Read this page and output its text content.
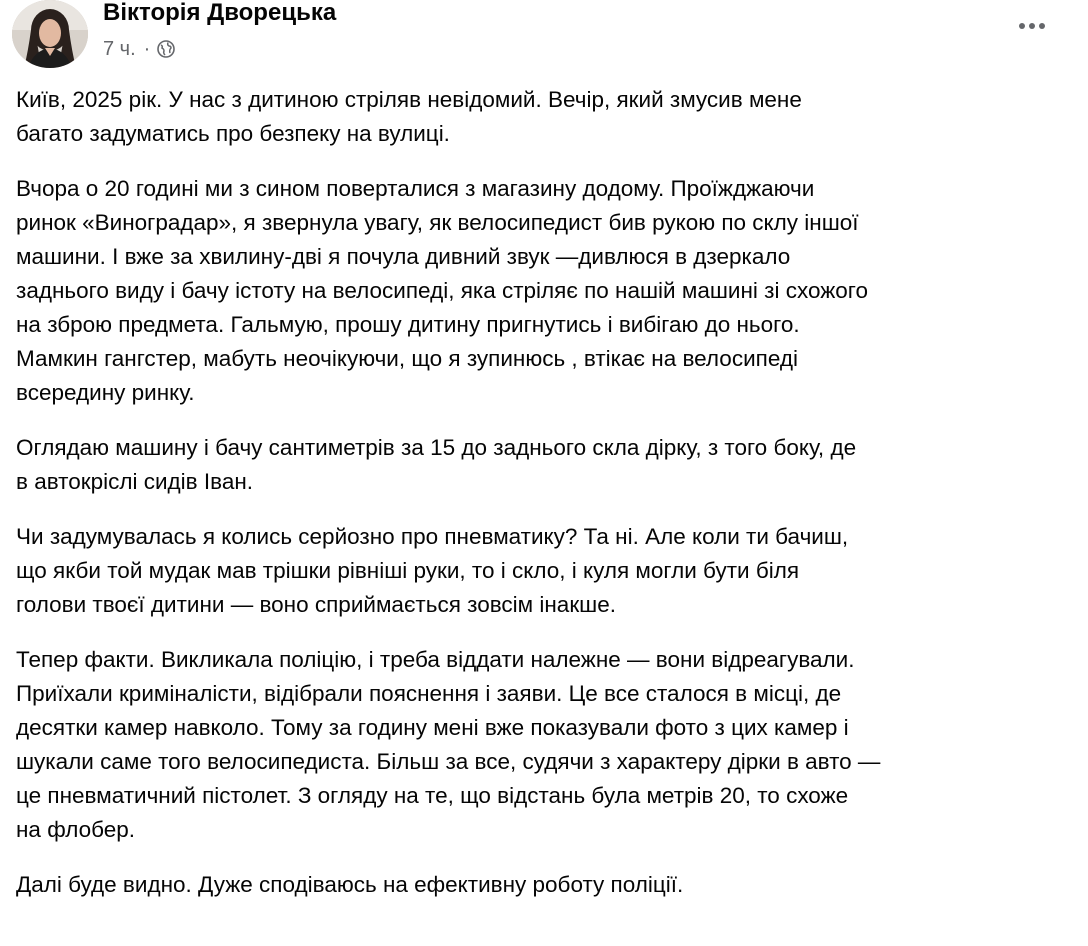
Вікторія Дворецька
7 ч. ·

Київ, 2025 рік. У нас з дитиною стріляв невідомий. Вечір, який змусив мене
багато задуматись про безпеку на вулиці.

Вчора о 20 годині ми з сином поверталися з магазину додому. Проїжджаючи
ринок «Виноградар», я звернула увагу, як велосипедист бив рукою по склу іншої
машини. І вже за хвилину-дві я почула дивний звук —дивлюся в дзеркало
заднього виду і бачу істоту на велосипеді, яка стріляє по нашій машині зі схожого
на зброю предмета. Гальмую, прошу дитину пригнутись і вибігаю до нього.
Мамкин гангстер, мабуть неочікуючи, що я зупинюсь , втікає на велосипеді
всередину ринку.

Оглядаю машину і бачу сантиметрів за 15 до заднього скла дірку, з того боку, де
в автокріслі сидів Іван.

Чи задумувалась я колись серйозно про пневматику? Та ні. Але коли ти бачиш,
що якби той мудак мав трішки рівніші руки, то і скло, і куля могли бути біля
голови твоєї дитини — воно сприймається зовсім інакше.

Тепер факти. Викликала поліцію, і треба віддати належне — вони відреагували.
Приїхали криміналісти, відібрали пояснення і заяви. Це все сталося в місці, де
десятки камер навколо. Тому за годину мені вже показували фото з цих камер і
шукали саме того велосипедиста. Більш за все, судячи з характеру дірки в авто —
це пневматичний пістолет. З огляду на те, що відстань була метрів 20, то схоже
на флобер.

Далі буде видно. Дуже сподіваюсь на ефективну роботу поліції.
